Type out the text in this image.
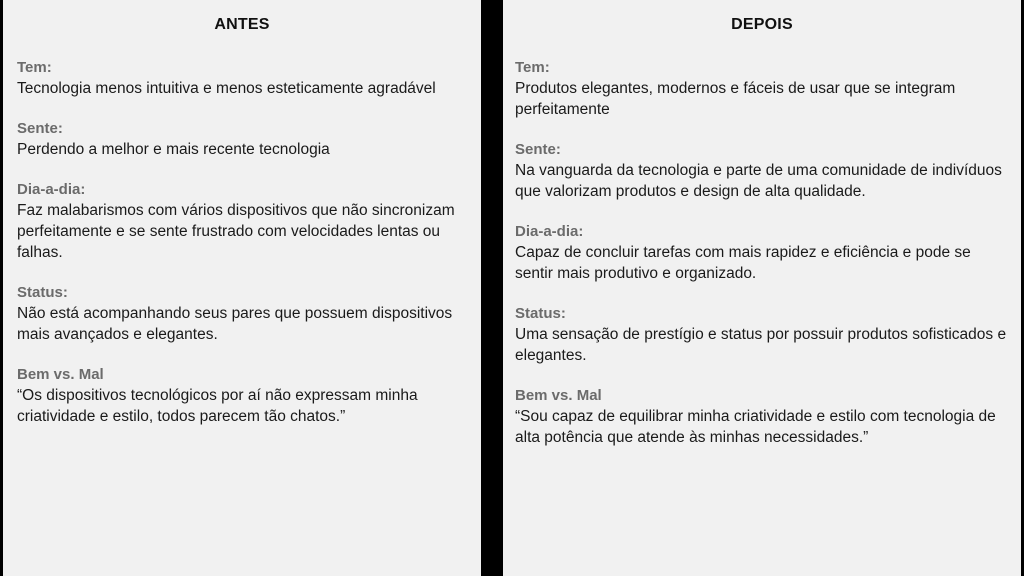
ANTES
Tem:
Tecnologia menos intuitiva e menos esteticamente agradável
Sente:
Perdendo a melhor e mais recente tecnologia
Dia-a-dia:
Faz malabarismos com vários dispositivos que não sincronizam perfeitamente e se sente frustrado com velocidades lentas ou falhas.
Status:
Não está acompanhando seus pares que possuem dispositivos mais avançados e elegantes.
Bem vs. Mal
“Os dispositivos tecnológicos por aí não expressam minha criatividade e estilo, todos parecem tão chatos.”
DEPOIS
Tem:
Produtos elegantes, modernos e fáceis de usar que se integram perfeitamente
Sente:
Na vanguarda da tecnologia e parte de uma comunidade de indivíduos que valorizam produtos e design de alta qualidade.
Dia-a-dia:
Capaz de concluir tarefas com mais rapidez e eficiência e pode se sentir mais produtivo e organizado.
Status:
Uma sensação de prestígio e status por possuir produtos sofisticados e elegantes.
Bem vs. Mal
“Sou capaz de equilibrar minha criatividade e estilo com tecnologia de alta potência que atende às minhas necessidades.”
